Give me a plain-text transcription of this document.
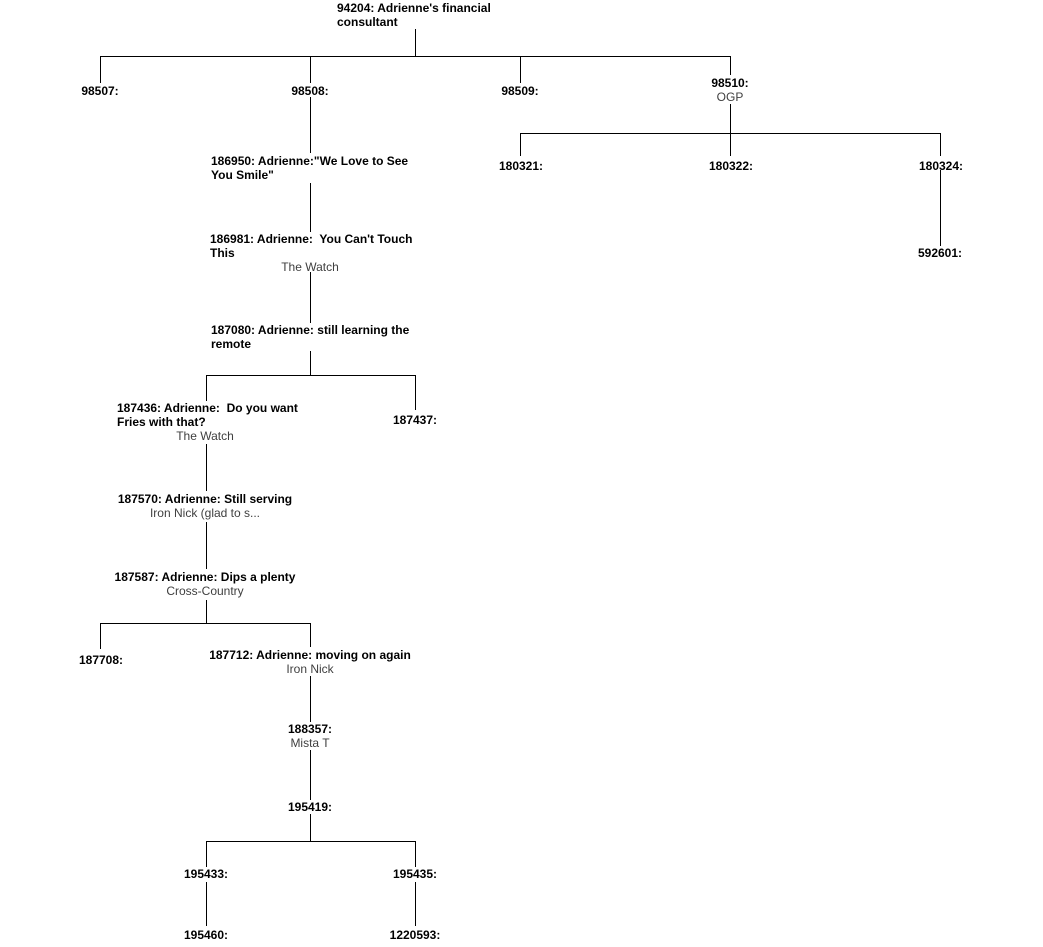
94204: Adrienne's financial consultant
98507:	98508:	98509:
98510:
OGP
180321:	180322:	180324:
592601:
186950: Adrienne:"We Love to See You Smile"
186981: Adrienne:  You Can't Touch This
The Watch
187080: Adrienne: still learning the remote
187436: Adrienne:  Do you want Fries with that?
The Watch
187437:
187570: Adrienne: Still serving
Iron Nick (glad to s...
187587: Adrienne: Dips a plenty
Cross-Country
187708:	187712: Adrienne: moving on again
Iron Nick
188357:
Mista T
195419:
195433:	195435:
195460:	1220593:
